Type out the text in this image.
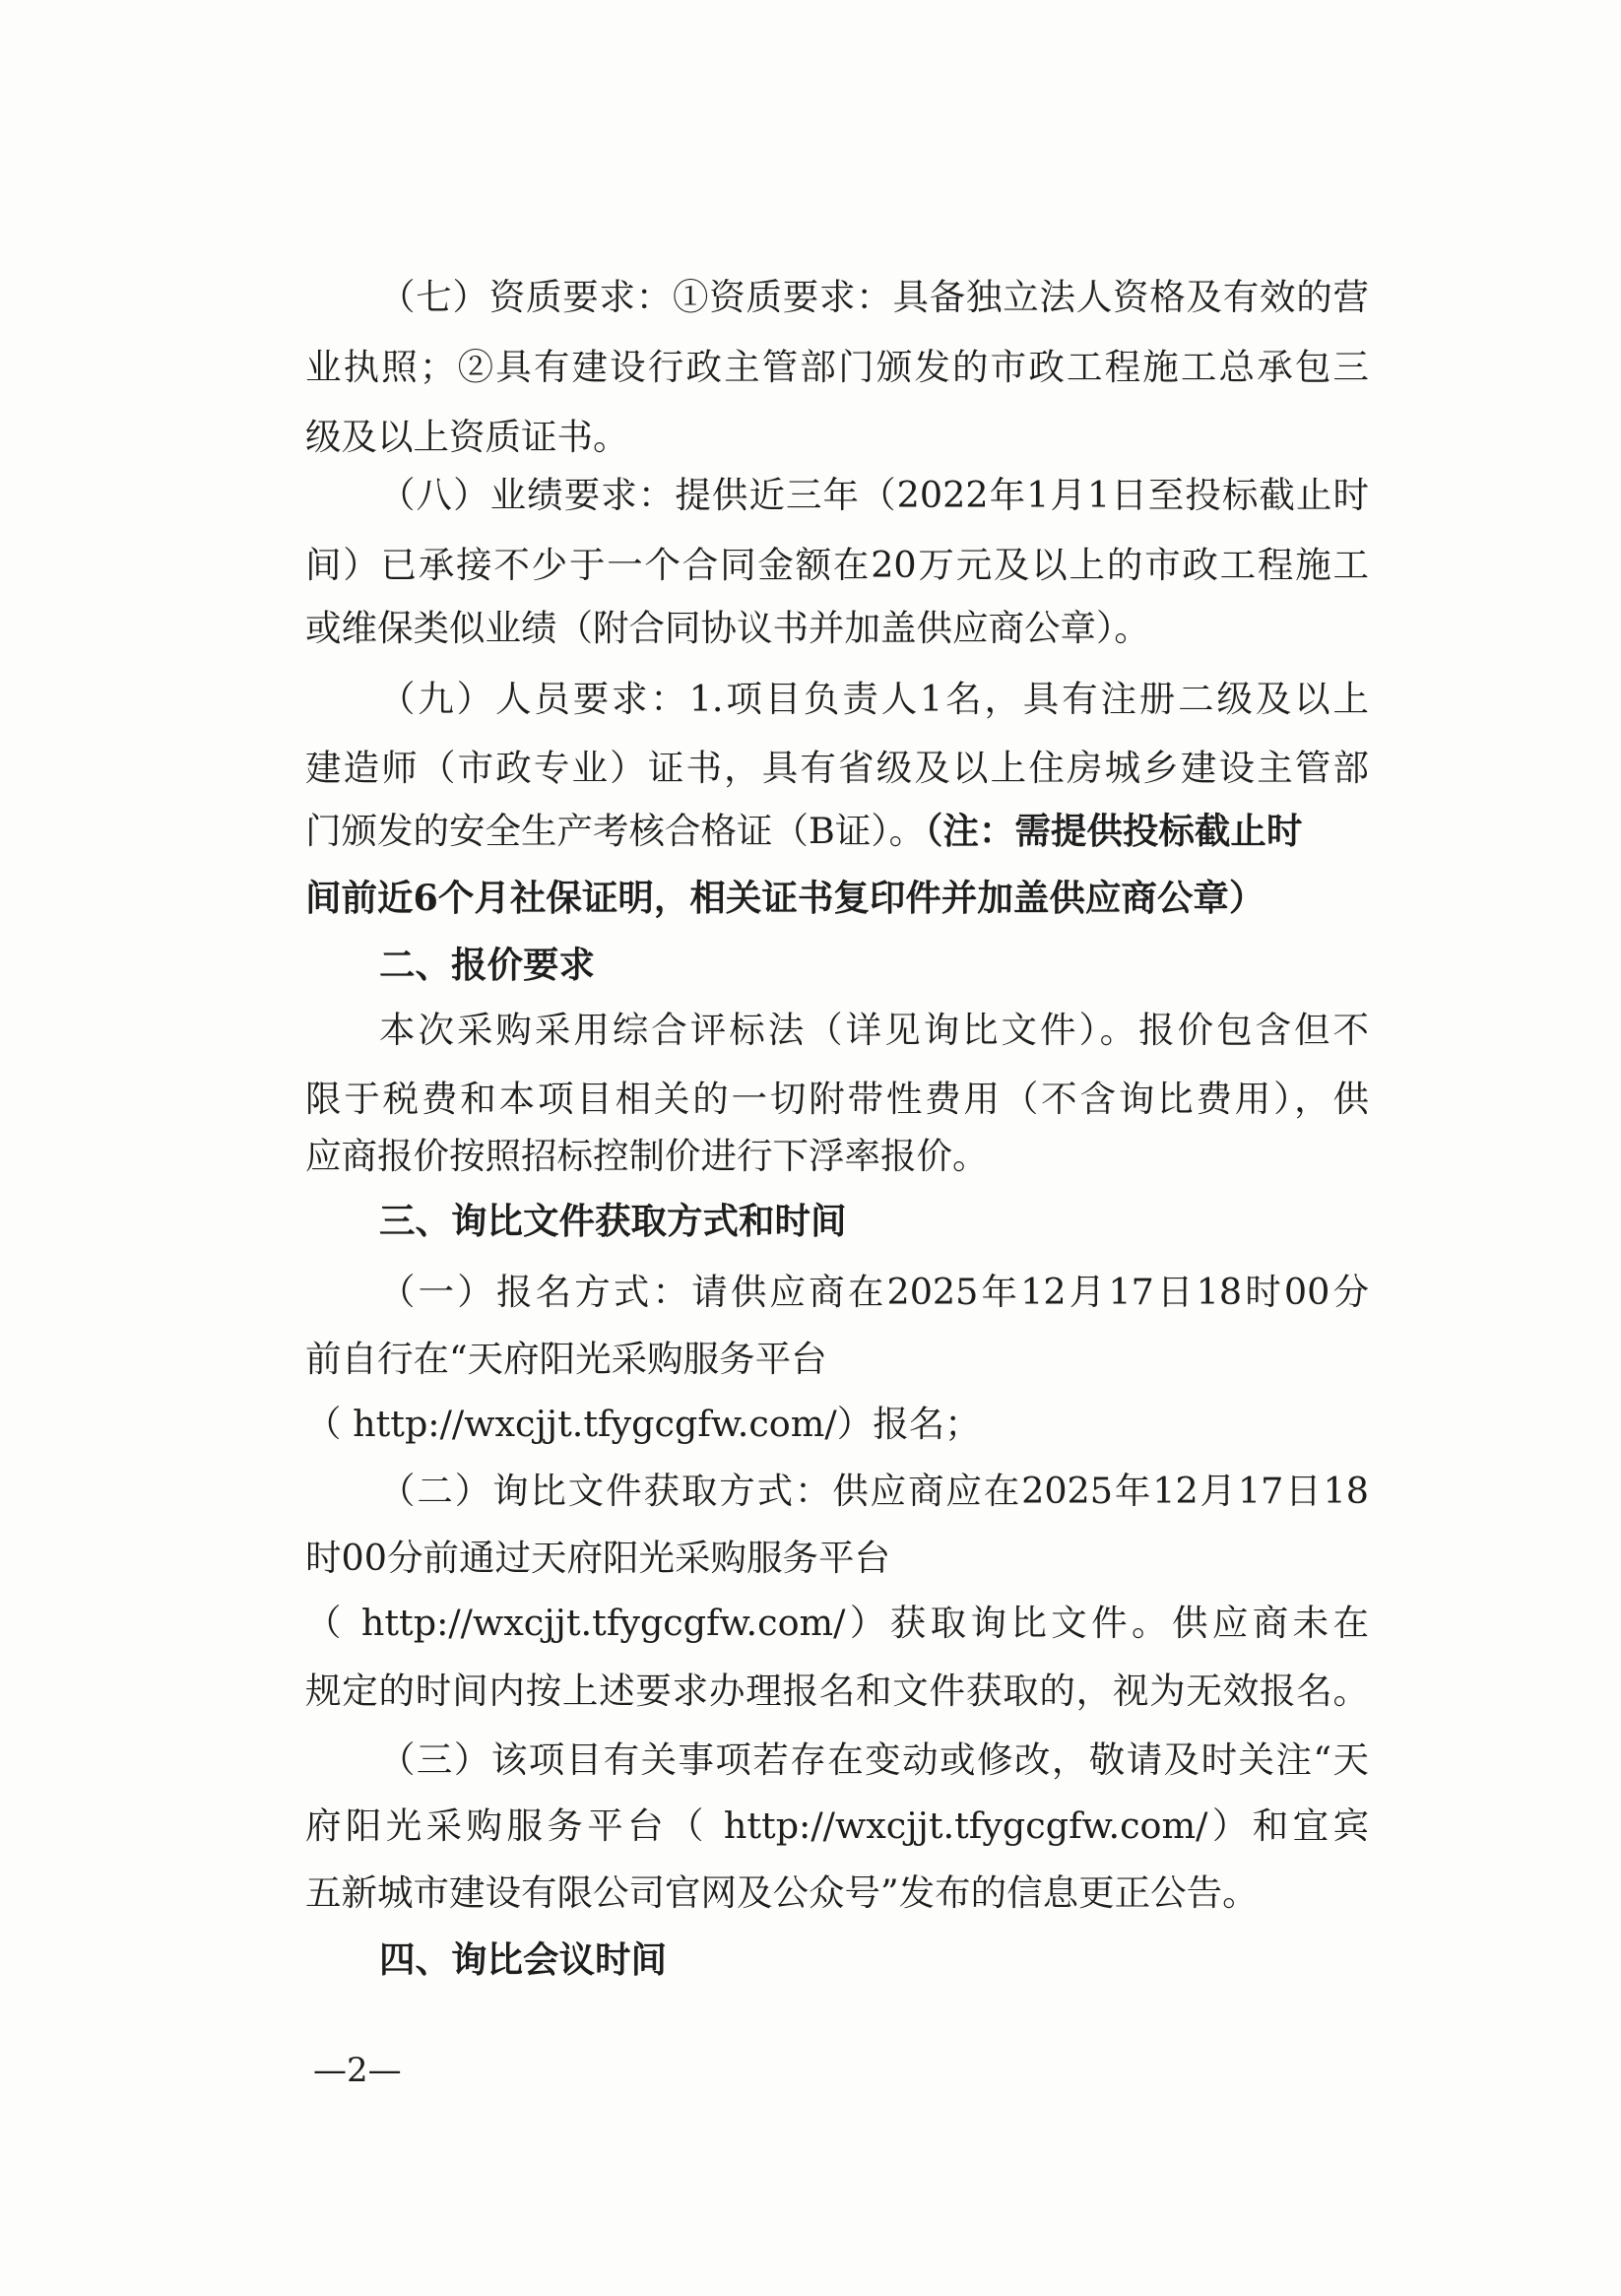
（七）资质要求：①资质要求：具备独立法人资格及有效的营
业执照；②具有建设行政主管部门颁发的市政工程施工总承包三
级及以上资质证书。
（八）业绩要求：提供近三年（2022年1月1日至投标截止时
间）已承接不少于一个合同金额在20万元及以上的市政工程施工
或维保类似业绩（附合同协议书并加盖供应商公章）。
（九）人员要求：1.项目负责人1名，具有注册二级及以上
建造师（市政专业）证书，具有省级及以上住房城乡建设主管部
门颁发的安全生产考核合格证（B证）。（注：需提供投标截止时
间前近6个月社保证明，相关证书复印件并加盖供应商公章）
二、报价要求
本次采购采用综合评标法（详见询比文件）。报价包含但不
限于税费和本项目相关的一切附带性费用（不含询比费用），供
应商报价按照招标控制价进行下浮率报价。
三、询比文件获取方式和时间
（一）报名方式：请供应商在2025年12月17日18时00分
前自行在“天府阳光采购服务平台
（ http://wxcjjt.tfygcgfw.com/）报名；
（二）询比文件获取方式：供应商应在2025年12月17日18
时00分前通过天府阳光采购服务平台
（ http://wxcjjt.tfygcgfw.com/）获取询比文件。供应商未在
规定的时间内按上述要求办理报名和文件获取的，视为无效报名。
（三）该项目有关事项若存在变动或修改，敬请及时关注“天
府阳光采购服务平台（ http://wxcjjt.tfygcgfw.com/）和宜宾
五新城市建设有限公司官网及公众号”发布的信息更正公告。
四、询比会议时间
—2—
